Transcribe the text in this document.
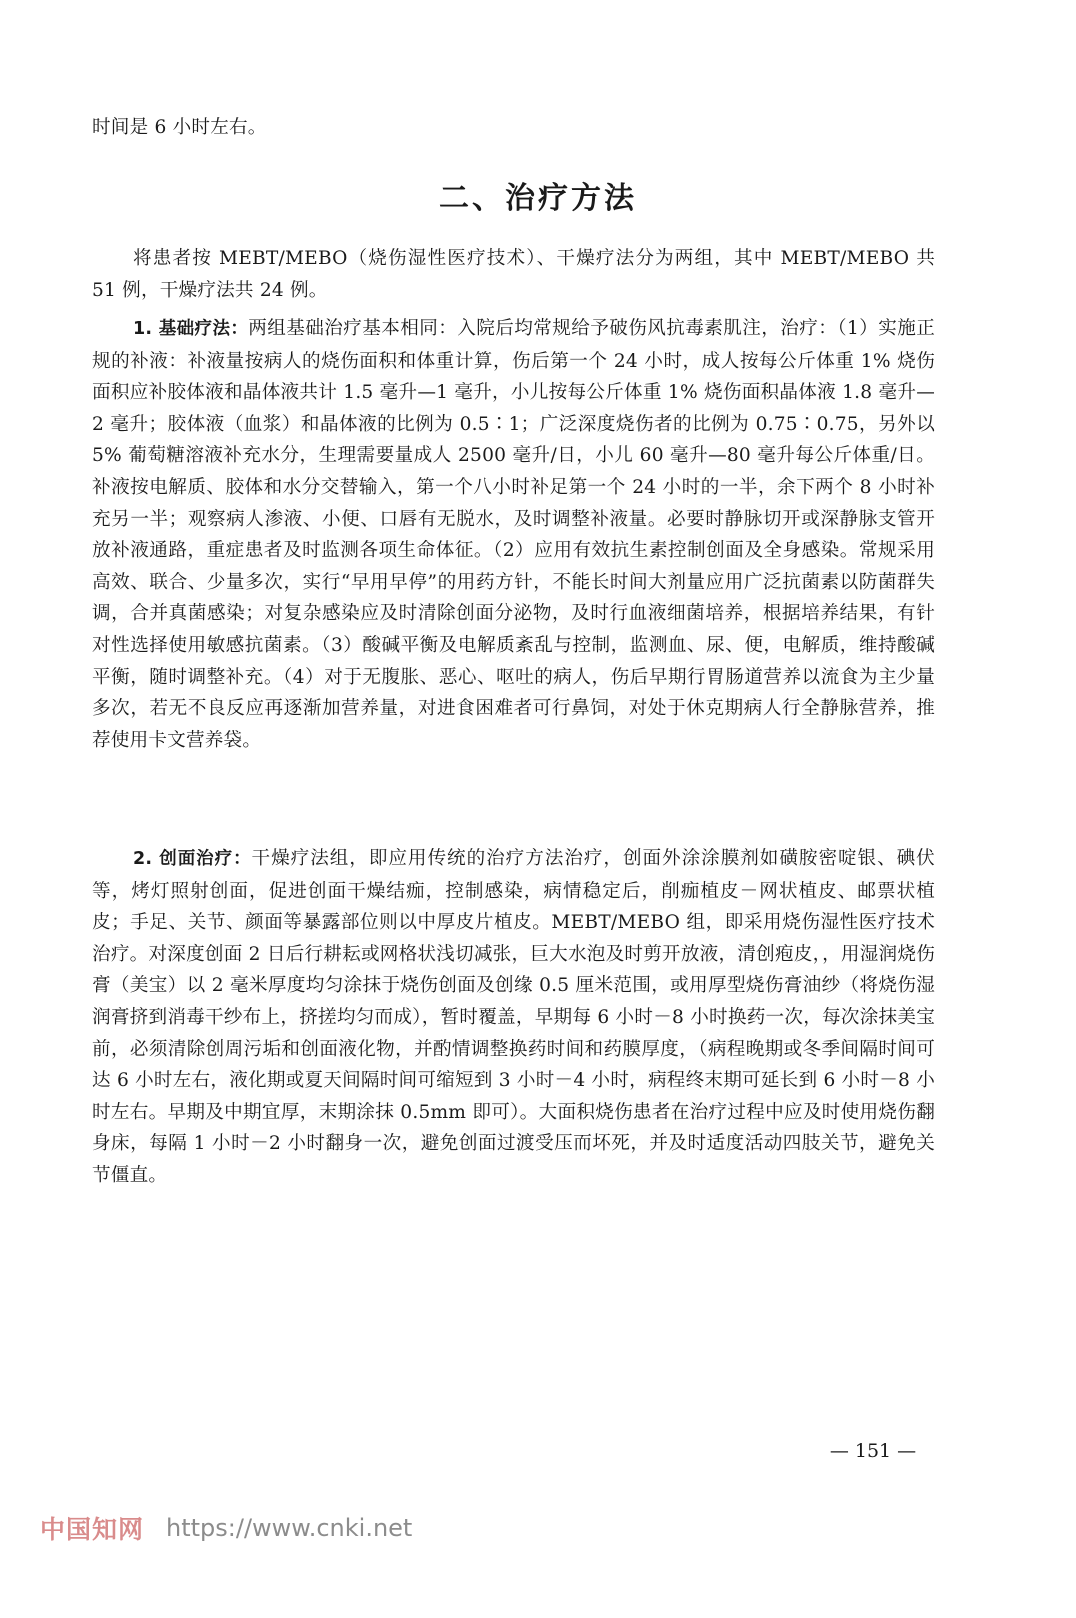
时间是 6 小时左右。

二、治疗方法

将患者按 MEBT/MEBO（烧伤湿性医疗技术）、干燥疗法分为两组，其中 MEBT/MEBO 共 51 例，干燥疗法共 24 例。

1. 基础疗法：两组基础治疗基本相同：入院后均常规给予破伤风抗毒素肌注，治疗：（1）实施正规的补液：补液量按病人的烧伤面积和体重计算，伤后第一个 24 小时，成人按每公斤体重 1% 烧伤面积应补胶体液和晶体液共计 1.5 毫升—1 毫升，小儿按每公斤体重 1% 烧伤面积晶体液 1.8 毫升—2 毫升；胶体液（血浆）和晶体液的比例为 0.5∶1；广泛深度烧伤者的比例为 0.75∶0.75，另外以 5% 葡萄糖溶液补充水分，生理需要量成人 2500 毫升/日，小儿 60 毫升—80 毫升每公斤体重/日。补液按电解质、胶体和水分交替输入，第一个八小时补足第一个 24 小时的一半，余下两个 8 小时补充另一半；观察病人渗液、小便、口唇有无脱水，及时调整补液量。必要时静脉切开或深静脉支管开放补液通路，重症患者及时监测各项生命体征。（2）应用有效抗生素控制创面及全身感染。常规采用高效、联合、少量多次，实行“早用早停”的用药方针，不能长时间大剂量应用广泛抗菌素以防菌群失调，合并真菌感染；对复杂感染应及时清除创面分泌物，及时行血液细菌培养，根据培养结果，有针对性选择使用敏感抗菌素。（3）酸碱平衡及电解质紊乱与控制，监测血、尿、便，电解质，维持酸碱平衡，随时调整补充。（4）对于无腹胀、恶心、呕吐的病人，伤后早期行胃肠道营养以流食为主少量多次，若无不良反应再逐渐加营养量，对进食困难者可行鼻饲，对处于休克期病人行全静脉营养，推荐使用卡文营养袋。

2. 创面治疗：干燥疗法组，即应用传统的治疗方法治疗，创面外涂涂膜剂如磺胺密啶银、碘伏等，烤灯照射创面，促进创面干燥结痂，控制感染，病情稳定后，削痂植皮－网状植皮、邮票状植皮；手足、关节、颜面等暴露部位则以中厚皮片植皮。MEBT/MEBO 组，即采用烧伤湿性医疗技术治疗。对深度创面 2 日后行耕耘或网格状浅切减张，巨大水泡及时剪开放液，清创疱皮，，用湿润烧伤膏（美宝）以 2 毫米厚度均匀涂抹于烧伤创面及创缘 0.5 厘米范围，或用厚型烧伤膏油纱（将烧伤湿润膏挤到消毒干纱布上，挤搓均匀而成），暂时覆盖，早期每 6 小时－8 小时换药一次，每次涂抹美宝前，必须清除创周污垢和创面液化物，并酌情调整换药时间和药膜厚度，（病程晚期或冬季间隔时间可达 6 小时左右，液化期或夏天间隔时间可缩短到 3 小时－4 小时，病程终末期可延长到 6 小时－8 小时左右。早期及中期宜厚，末期涂抹 0.5mm 即可）。大面积烧伤患者在治疗过程中应及时使用烧伤翻身床，每隔 1 小时－2 小时翻身一次，避免创面过渡受压而坏死，并及时适度活动四肢关节，避免关节僵直。

— 151 —
中国知网 https://www.cnki.net
